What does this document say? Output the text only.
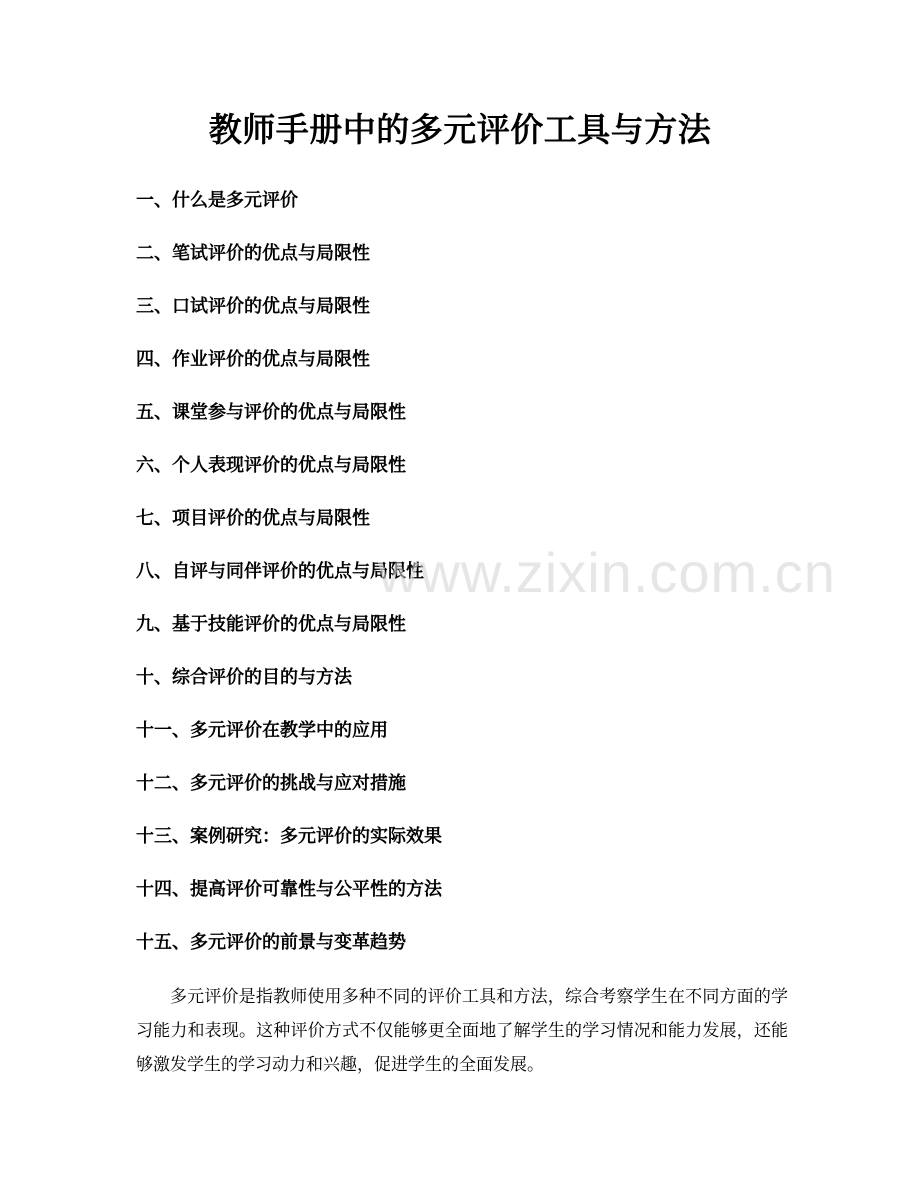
教师手册中的多元评价工具与方法
一、什么是多元评价
二、笔试评价的优点与局限性
三、口试评价的优点与局限性
四、作业评价的优点与局限性
五、课堂参与评价的优点与局限性
六、个人表现评价的优点与局限性
七、项目评价的优点与局限性
八、自评与同伴评价的优点与局限性
九、基于技能评价的优点与局限性
十、综合评价的目的与方法
十一、多元评价在教学中的应用
十二、多元评价的挑战与应对措施
十三、案例研究：多元评价的实际效果
十四、提高评价可靠性与公平性的方法
十五、多元评价的前景与变革趋势

多元评价是指教师使用多种不同的评价工具和方法，综合考察学生在不同方面的学习能力和表现。这种评价方式不仅能够更全面地了解学生的学习情况和能力发展，还能够激发学生的学习动力和兴趣，促进学生的全面发展。

www.zixin.com.cn
